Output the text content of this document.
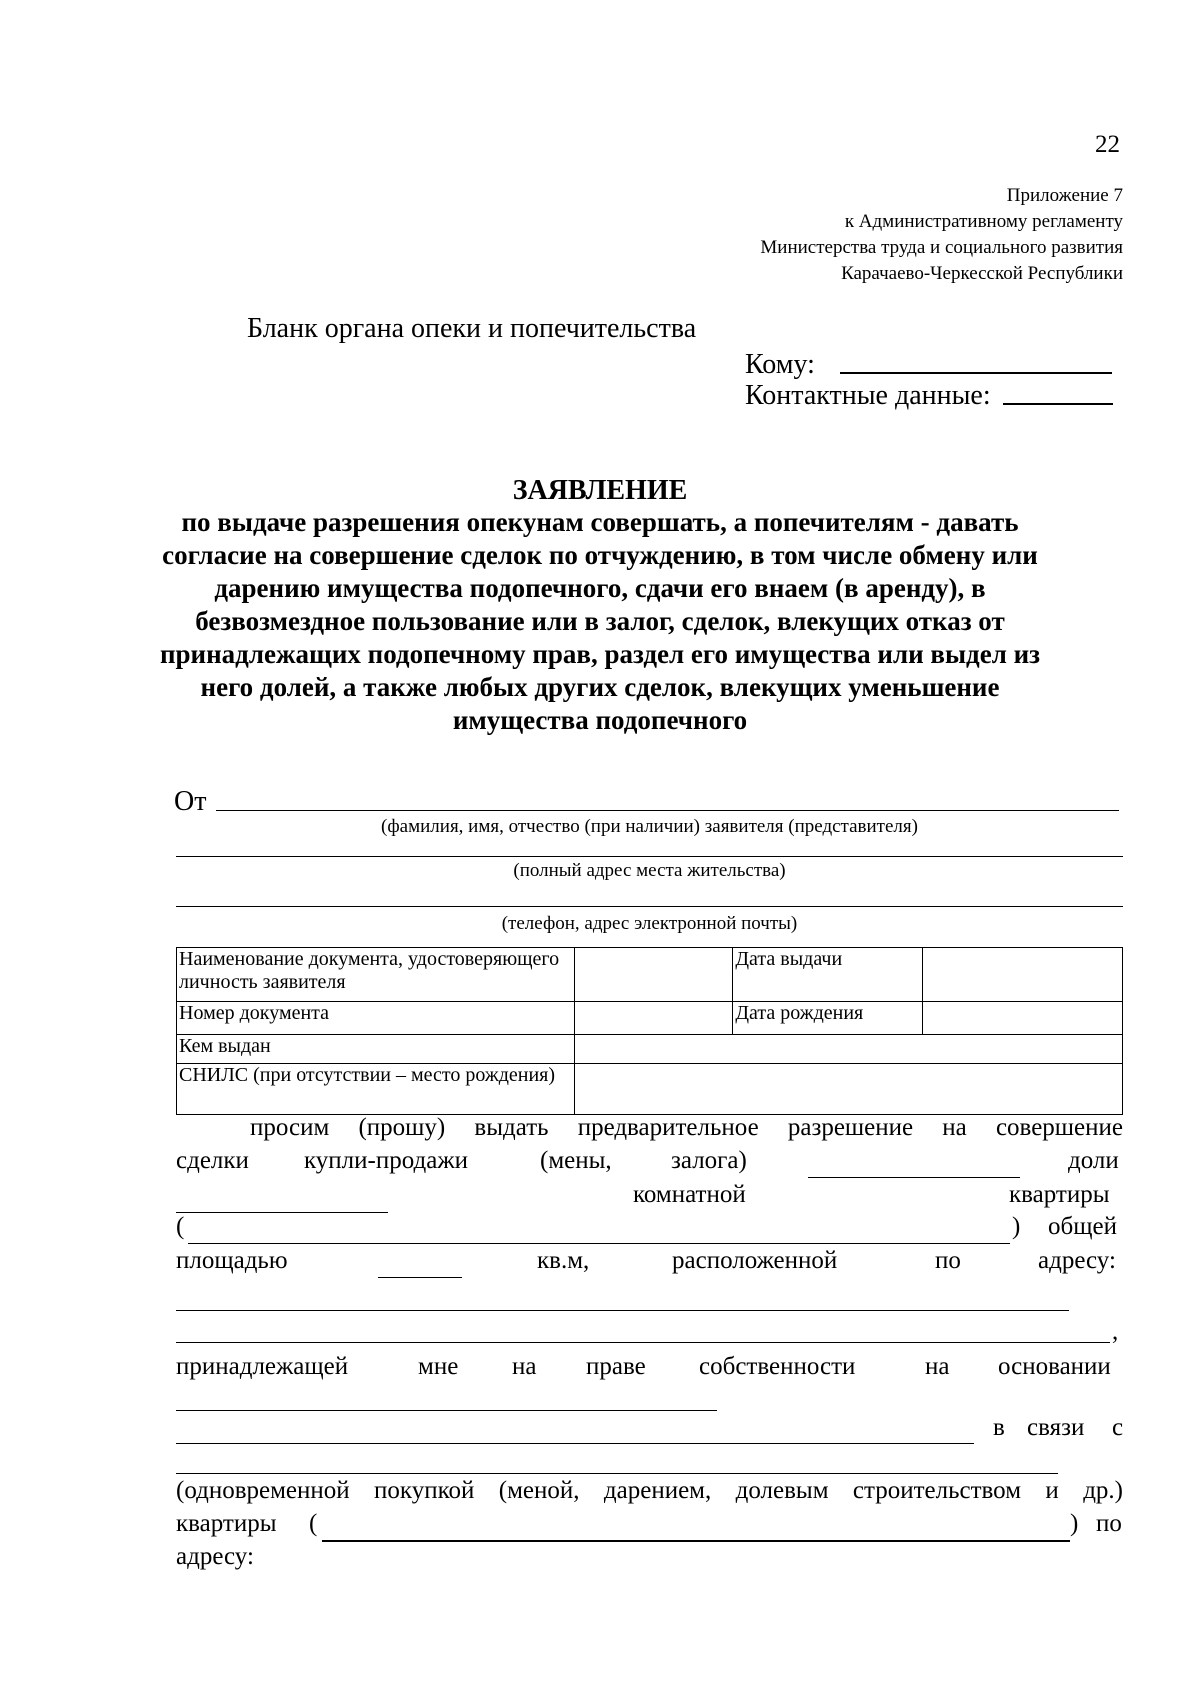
22
Приложение 7
к Административному регламенту
Министерства труда и социального развития
Карачаево-Черкесской Республики
Бланк органа опеки и попечительства
Кому:
Контактные данные:
ЗАЯВЛЕНИЕ
по выдаче разрешения опекунам совершать, а попечителям - давать
согласие на совершение сделок по отчуждению, в том числе обмену или
дарению имущества подопечного, сдачи его внаем (в аренду), в
безвозмездное пользование или в залог, сделок, влекущих отказ от
принадлежащих подопечному прав, раздел его имущества или выдел из
него долей, а также любых других сделок, влекущих уменьшение
имущества подопечного
От
(фамилия, имя, отчество (при наличии) заявителя (представителя)
(полный адрес места жительства)
(телефон, адрес электронной почты)
Наименование документа, удостоверяющего личность заявителя		Дата выдачи	
Номер документа		Дата рождения	
Кем выдан			
СНИЛС (при отсутствии – место рождения)			
просим (прошу) выдать предварительное разрешение на совершение
сделки купли-продажи	(мены, залога)	доли
комнатной	квартиры
(	) общей
площадью	кв.м,	расположенной	по	адресу:
,
принадлежащей	мне на праве собственности	на основании
в связи с
(одновременной покупкой (меной, дарением, долевым строительством и др.)
квартиры (	) по
адресу:
